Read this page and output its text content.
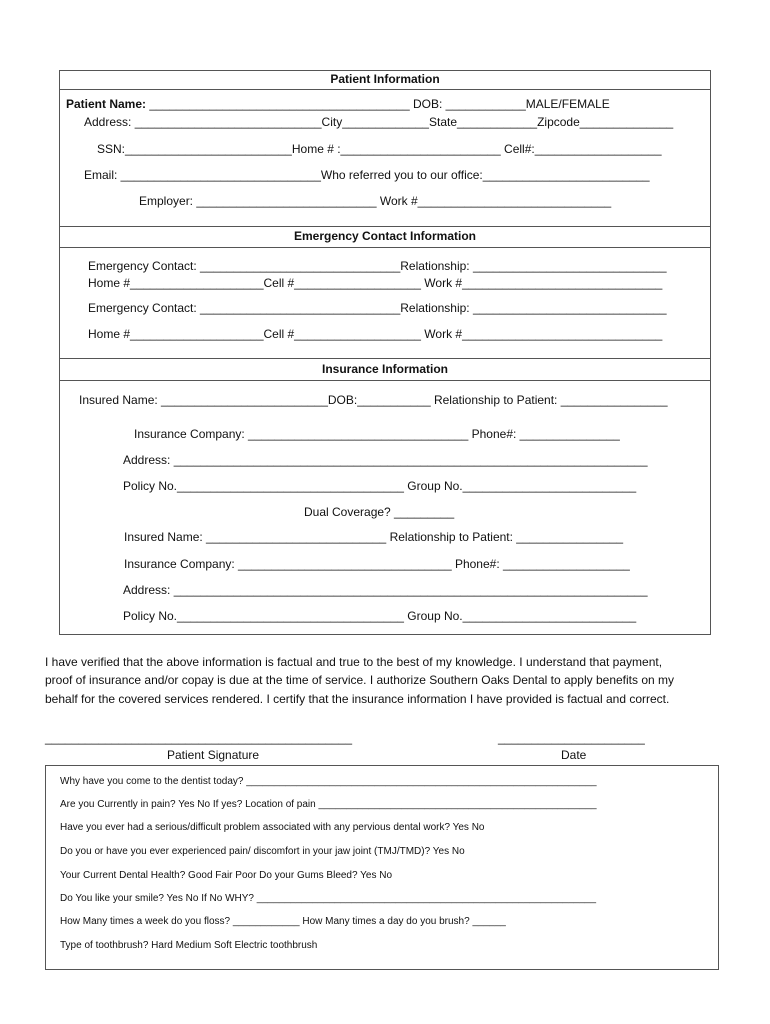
Patient Information
Patient Name: _______________________________________ DOB: ____________MALE/FEMALE
Address: ____________________________City_____________State____________Zipcode______________
SSN:_________________________Home # :________________________ Cell#:___________________
Email: ______________________________Who referred you to our office:_________________________
Employer: ___________________________ Work #_____________________________
Emergency Contact Information
Emergency Contact: ______________________________Relationship: _____________________________
Home #____________________Cell #___________________ Work #______________________________
Emergency Contact: ______________________________Relationship: _____________________________
Home #____________________Cell #___________________ Work #______________________________
Insurance Information
Insured Name: _________________________DOB:___________ Relationship to Patient: ________________
Insurance Company: _________________________________ Phone#: _______________
Address: _______________________________________________________________________
Policy No.__________________________________ Group No.__________________________
Dual Coverage? _________
Insured Name: ___________________________ Relationship to Patient: ________________
Insurance Company: ________________________________ Phone#: ___________________
Address: _______________________________________________________________________
Policy No.__________________________________ Group No.__________________________
I have verified that the above information is factual and true to the best of my knowledge. I understand that payment,
proof of insurance and/or copay is due at the time of service. I authorize Southern Oaks Dental to apply benefits on my
behalf for the covered services rendered. I certify that the insurance information I have provided is factual and correct.
______________________________________________
Patient Signature
______________________
Date
Why have you come to the dentist today? _______________________________________________________________
Are you Currently in pain? Yes No If yes? Location of pain __________________________________________________
Have you ever had a serious/difficult problem associated with any pervious dental work? Yes No
Do you or have you ever experienced pain/ discomfort in your jaw joint (TMJ/TMD)? Yes No
Your Current Dental Health? Good Fair Poor Do your Gums Bleed? Yes No
Do You like your smile? Yes No If No WHY? _____________________________________________________________
How Many times a week do you floss? ____________ How Many times a day do you brush? ______
Type of toothbrush? Hard Medium Soft Electric toothbrush
